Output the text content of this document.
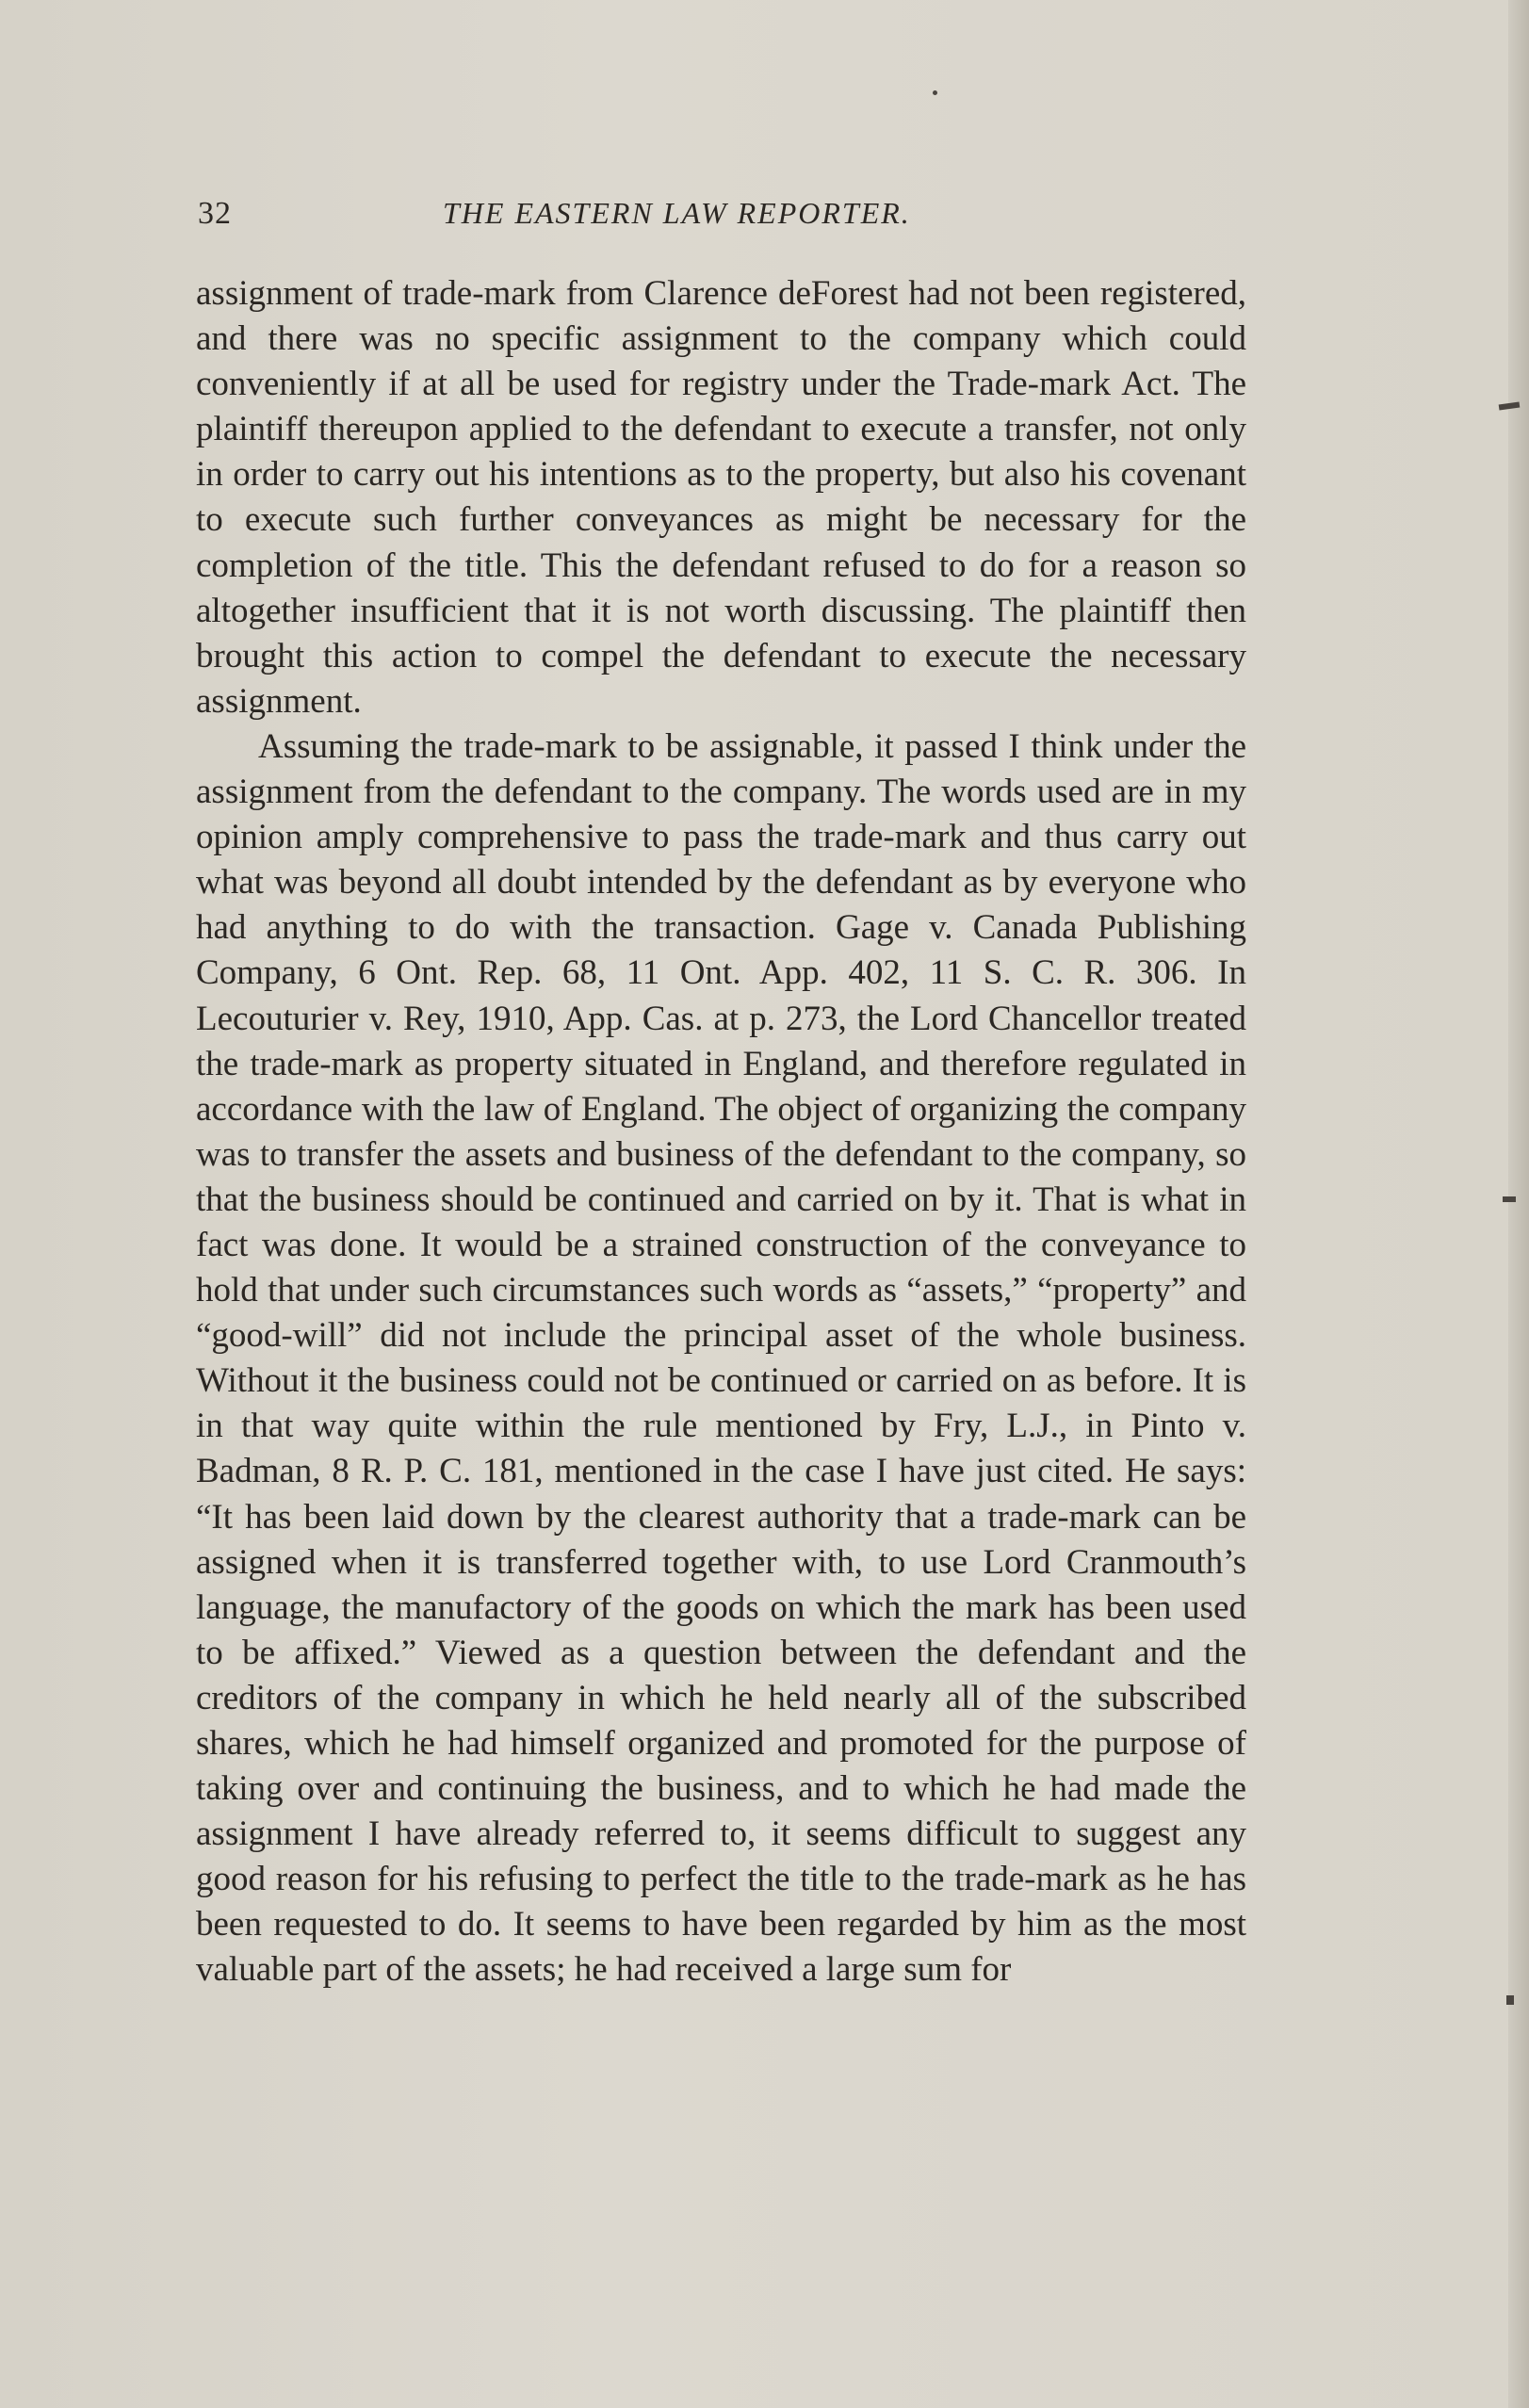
32	THE EASTERN LAW REPORTER.

assignment of trade-mark from Clarence deForest had not been registered, and there was no specific assignment to the company which could conveniently if at all be used for registry under the Trade-mark Act. The plaintiff thereupon applied to the defendant to execute a transfer, not only in order to carry out his intentions as to the property, but also his covenant to execute such further conveyances as might be necessary for the completion of the title. This the defendant refused to do for a reason so altogether insufficient that it is not worth discussing. The plaintiff then brought this action to compel the defendant to execute the necessary assignment.

Assuming the trade-mark to be assignable, it passed I think under the assignment from the defendant to the company. The words used are in my opinion amply comprehensive to pass the trade-mark and thus carry out what was beyond all doubt intended by the defendant as by everyone who had anything to do with the transaction. Gage v. Canada Publishing Company, 6 Ont. Rep. 68, 11 Ont. App. 402, 11 S. C. R. 306. In Lecouturier v. Rey, 1910, App. Cas. at p. 273, the Lord Chancellor treated the trade-mark as property situated in England, and therefore regulated in accordance with the law of England. The object of organizing the company was to transfer the assets and business of the defendant to the company, so that the business should be continued and carried on by it. That is what in fact was done. It would be a strained construction of the conveyance to hold that under such circumstances such words as “assets,” “property” and “good-will” did not include the principal asset of the whole business. Without it the business could not be continued or carried on as before. It is in that way quite within the rule mentioned by Fry, L.J., in Pinto v. Badman, 8 R. P. C. 181, mentioned in the case I have just cited. He says: “It has been laid down by the clearest authority that a trade-mark can be assigned when it is transferred together with, to use Lord Cranmouth’s language, the manufactory of the goods on which the mark has been used to be affixed.” Viewed as a question between the defendant and the creditors of the company in which he held nearly all of the subscribed shares, which he had himself organized and promoted for the purpose of taking over and continuing the business, and to which he had made the assignment I have already referred to, it seems difficult to suggest any good reason for his refusing to perfect the title to the trade-mark as he has been requested to do. It seems to have been regarded by him as the most valuable part of the assets; he had received a large sum for
